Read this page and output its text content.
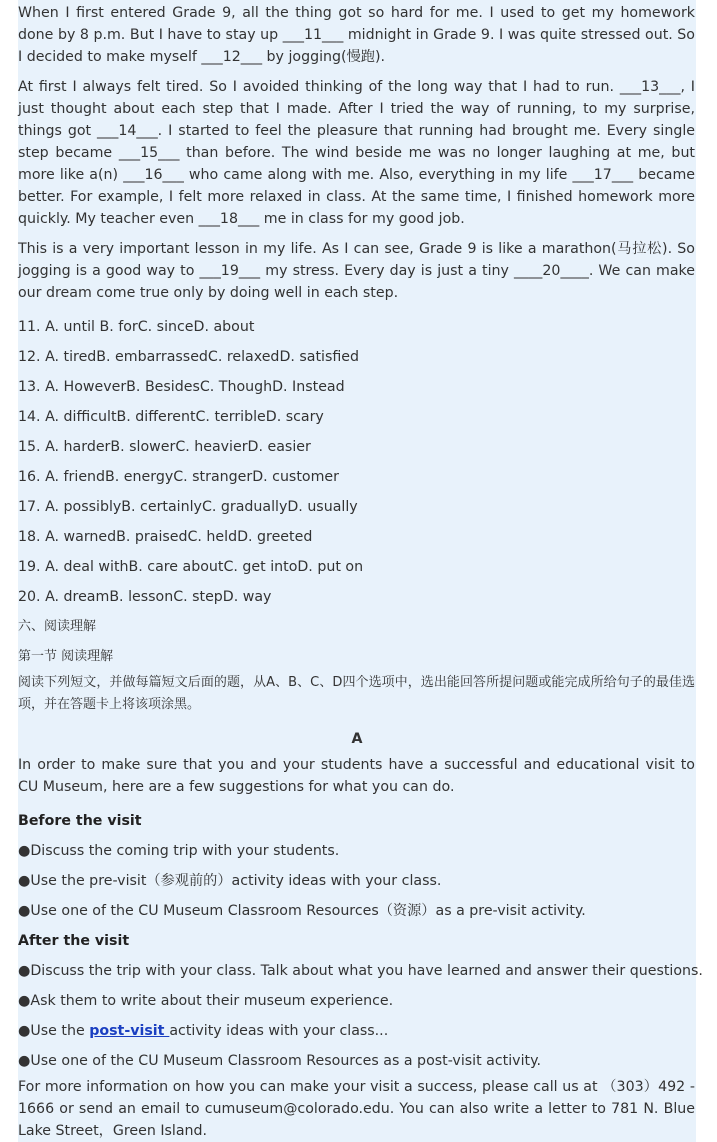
When I first entered Grade 9, all the thing got so hard for me. I used to get my homework done by 8 p.m. But I have to stay up ___11___ midnight in Grade 9. I was quite stressed out. So I decided to make myself ___12___ by jogging(慢跑).

At first I always felt tired. So I avoided thinking of the long way that I had to run. ___13___, I just thought about each step that I made. After I tried the way of running, to my surprise, things got ___14___. I started to feel the pleasure that running had brought me. Every single step became ___15___ than before. The wind beside me was no longer laughing at me, but more like a(n) ___16___ who came along with me. Also, everything in my life ___17___ became better. For example, I felt more relaxed in class. At the same time, I finished homework more quickly. My teacher even ___18___ me in class for my good job.

This is a very important lesson in my life. As I can see, Grade 9 is like a marathon(马拉松). So jogging is a good way to ___19___ my stress. Every day is just a tiny ____20____. We can make our dream come true only by doing well in each step.

11. A. until B. forC. sinceD. about

12. A. tiredB. embarrassedC. relaxedD. satisfied

13. A. HoweverB. BesidesC. ThoughD. Instead

14. A. difficultB. differentC. terribleD. scary

15. A. harderB. slowerC. heavierD. easier

16. A. friendB. energyC. strangerD. customer

17. A. possiblyB. certainlyC. graduallyD. usually

18. A. warnedB. praisedC. heldD. greeted

19. A. deal withB. care aboutC. get intoD. put on

20. A. dreamB. lessonC. stepD. way

六、阅读理解

第一节 阅读理解

阅读下列短文，并做每篇短文后面的题，从A、B、C、D四个选项中，选出能回答所提问题或能完成所给句子的最佳选项，并在答题卡上将该项涂黑。

A

In order to make sure that you and your students have a successful and educational visit to CU Museum, here are a few suggestions for what you can do.

Before the visit

●Discuss the coming trip with your students.

●Use the pre-visit（参观前的）activity ideas with your class.

●Use one of the CU Museum Classroom Resources（资源）as a pre-visit activity.

After the visit

●Discuss the trip with your class. Talk about what you have learned and answer their questions.

●Ask them to write about their museum experience.

●Use the post-visit activity ideas with your class...

●Use one of the CU Museum Classroom Resources as a post-visit activity.

For more information on how you can make your visit a success, please call us at （303）492 - 1666 or send an email to cumuseum@colorado.edu. You can also write a letter to 781 N. Blue Lake Street，Green Island.
